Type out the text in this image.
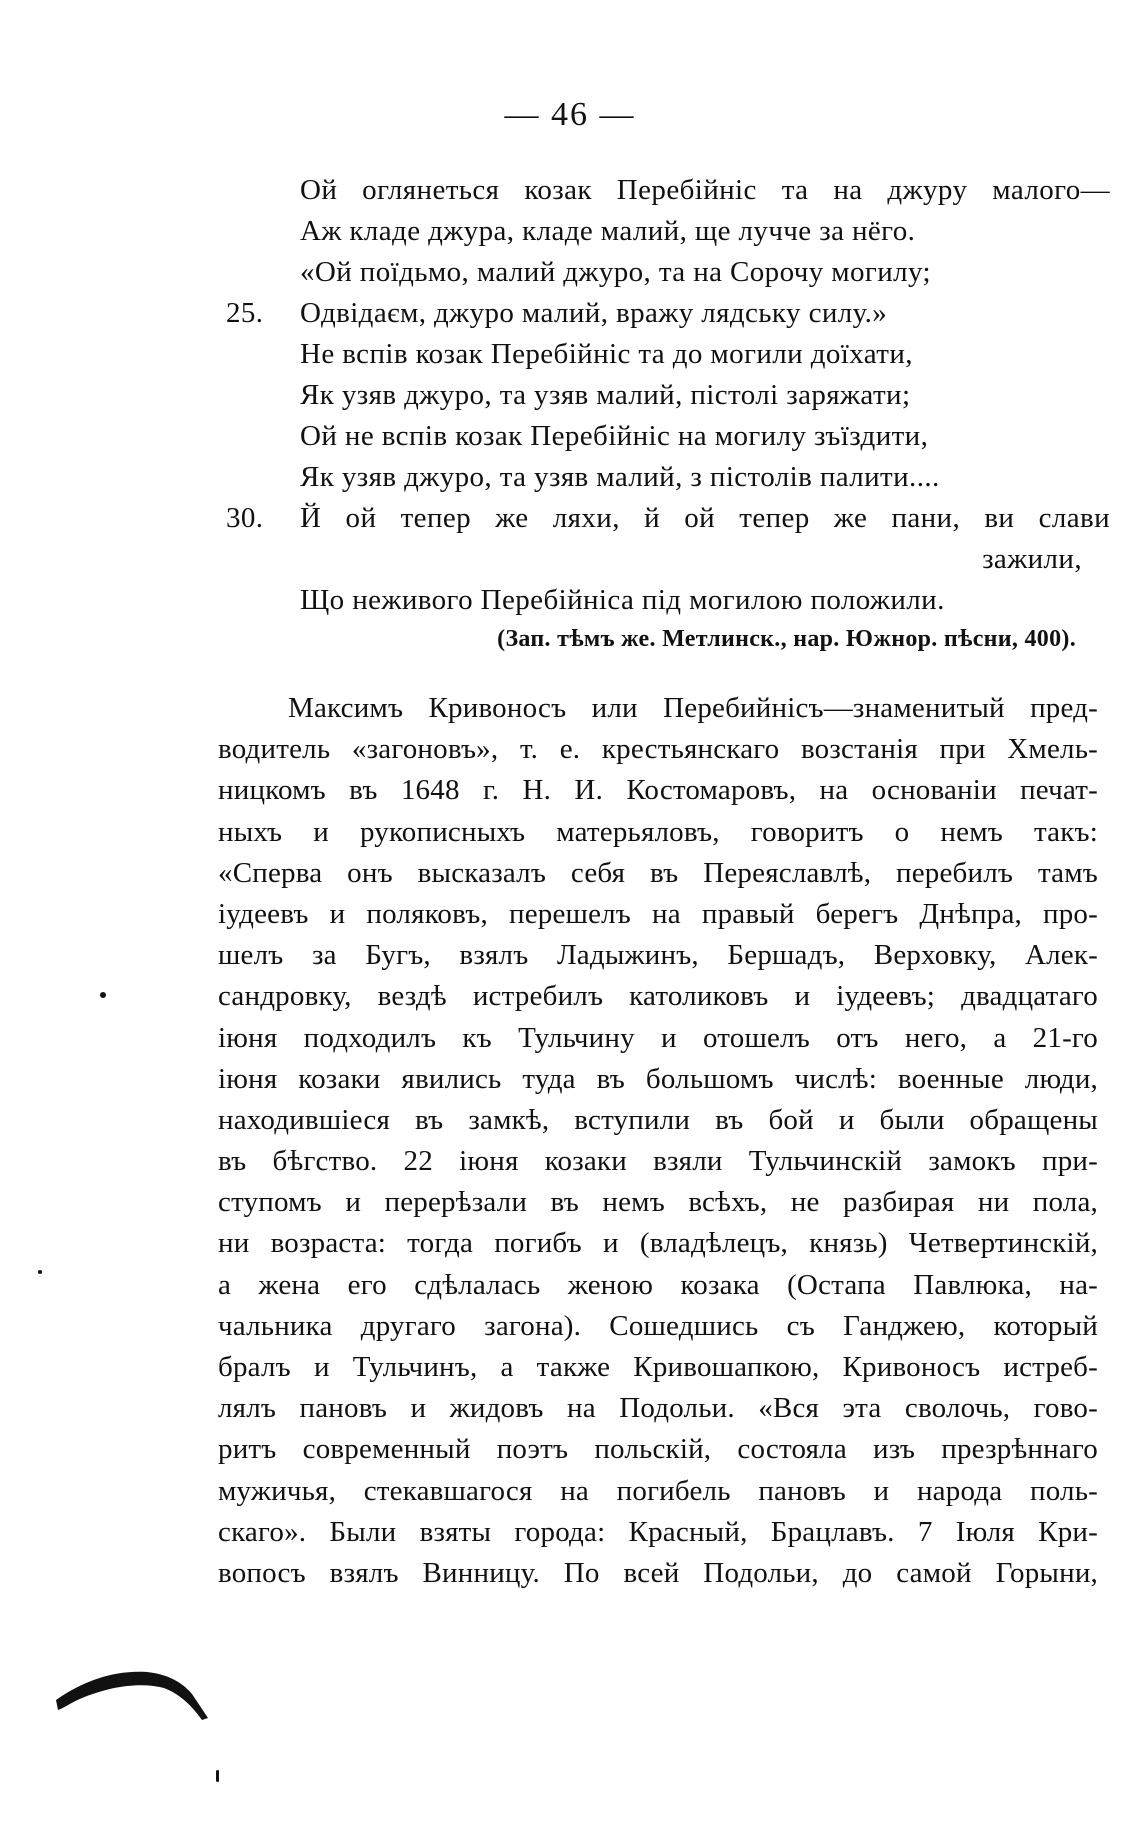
— 46 —
Ой оглянеться козак Перебійніс та на джуру малого—
Аж кладе джура, кладе малий, ще лучче за нёго.
«Ой поїдьмо, малий джуро, та на Сорочу могилу;
25.	Одвідаєм, джуро малий, вражу лядську силу.»
Не вспів козак Перебійніс та до могили доїхати,
Як узяв джуро, та узяв малий, пістолі заряжати;
Ой не вспів козак Перебійніс на могилу зъїздити,
Як узяв джуро, та узяв малий, з пістолів палити....
30.	Й ой тепер же ляхи, й ой тепер же пани, ви слави
зажили,
Що неживого Перебійніса під могилою положили.
(Зап. тѣмъ же. Метлинск., нар. Южнор. пѣсни, 400).
Максимъ Кривоносъ или Перебийнісъ—знаменитый пред-
водитель «загоновъ», т. е. крестьянскаго возстанія при Хмель-
ницкомъ въ 1648 г. Н. И. Костомаровъ, на основаніи печат-
ныхъ и рукописныхъ матерьяловъ, говоритъ о немъ такъ:
«Сперва онъ высказалъ себя въ Переяславлѣ, перебилъ тамъ
іудеевъ и поляковъ, перешелъ на правый берегъ Днѣпра, про-
шелъ за Бугъ, взялъ Ладыжинъ, Бершадъ, Верховку, Алек-
сандровку, вездѣ истребилъ католиковъ и іудеевъ; двадцатаго
іюня подходилъ къ Тульчину и отошелъ отъ него, а 21-го
іюня козаки явились туда въ большомъ числѣ: военные люди,
находившіеся въ замкѣ, вступили въ бой и были обращены
въ бѣгство. 22 іюня козаки взяли Тульчинскій замокъ при-
ступомъ и перерѣзали въ немъ всѣхъ, не разбирая ни пола,
ни возраста: тогда погибъ и (владѣлецъ, князь) Четвертинскій,
а жена его сдѣлалась женою козака (Остапа Павлюка, на-
чальника другаго загона). Сошедшись съ Ганджею, который
бралъ и Тульчинъ, а также Кривошапкою, Кривоносъ истреб-
лялъ пановъ и жидовъ на Подольи. «Вся эта сволочь, гово-
ритъ современный поэтъ польскій, состояла изъ презрѣннаго
мужичья, стекавшагося на погибель пановъ и народа поль-
скаго». Были взяты города: Красный, Брацлавъ. 7 Іюля Кри-
вопосъ взялъ Винницу. По всей Подольи, до самой Горыни,
